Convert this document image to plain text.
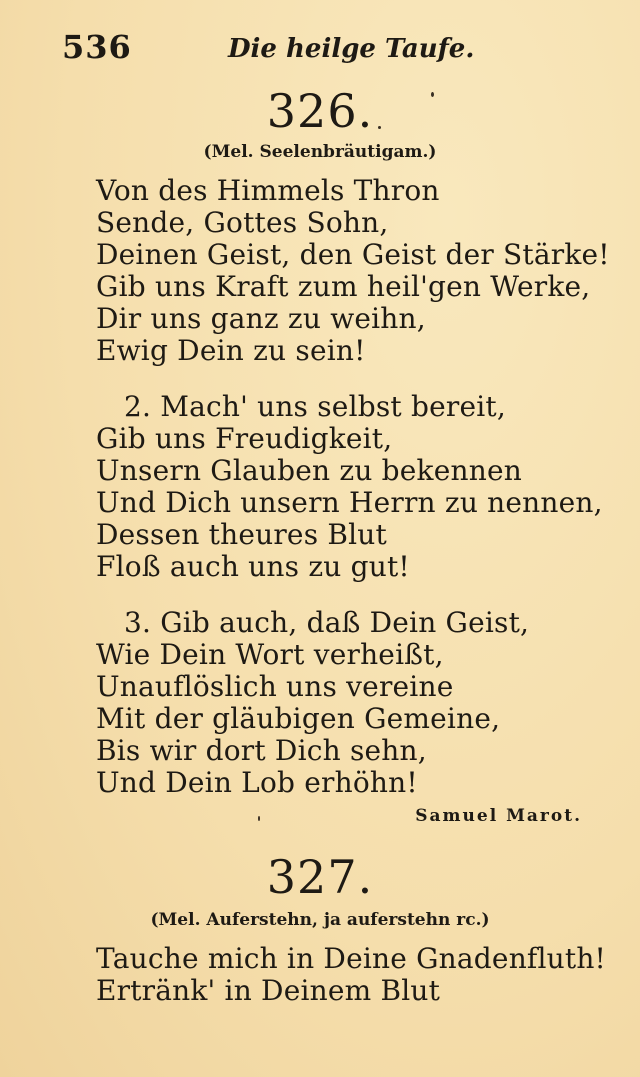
536	Die heilge Taufe.
326.
(Mel. Seelenbräutigam.)
Von des Himmels Thron
Sende, Gottes Sohn,
Deinen Geist, den Geist der Stärke!
Gib uns Kraft zum heil'gen Werke,
Dir uns ganz zu weihn,
Ewig Dein zu sein!
2. Mach' uns selbst bereit,
Gib uns Freudigkeit,
Unsern Glauben zu bekennen
Und Dich unsern Herrn zu nennen,
Dessen theures Blut
Floß auch uns zu gut!
3. Gib auch, daß Dein Geist,
Wie Dein Wort verheißt,
Unauflöslich uns vereine
Mit der gläubigen Gemeine,
Bis wir dort Dich sehn,
Und Dein Lob erhöhn!
Samuel Marot.
327.
(Mel. Auferstehn, ja auferstehn rc.)
Tauche mich in Deine Gnadenfluth!
Ertränk' in Deinem Blut
